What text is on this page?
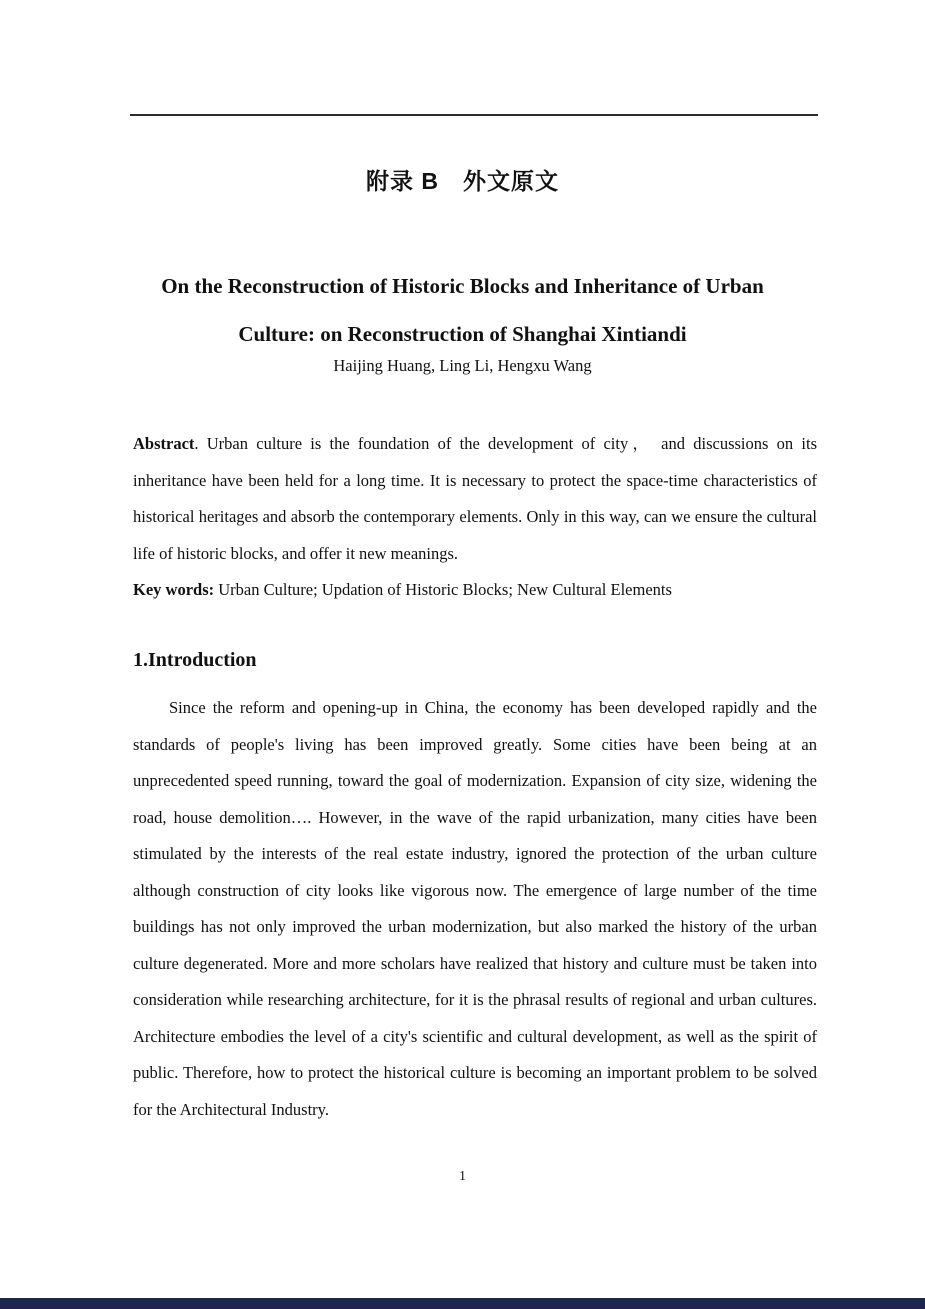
附录 B　外文原文
On the Reconstruction of Historic Blocks and Inheritance of Urban
Culture: on Reconstruction of Shanghai Xintiandi
Haijing Huang, Ling Li, Hengxu Wang

Abstract. Urban culture is the foundation of the development of city， and discussions on its inheritance have been held for a long time. It is necessary to protect the space-time characteristics of historical heritages and absorb the contemporary elements. Only in this way, can we ensure the cultural life of historic blocks, and offer it new meanings.

Key words: Urban Culture; Updation of Historic Blocks; New Cultural Elements

1.Introduction

Since the reform and opening-up in China, the economy has been developed rapidly and the standards of people's living has been improved greatly. Some cities have been being at an unprecedented speed running, toward the goal of modernization. Expansion of city size, widening the road, house demolition…. However, in the wave of the rapid urbanization, many cities have been stimulated by the interests of the real estate industry, ignored the protection of the urban culture although construction of city looks like vigorous now. The emergence of large number of the time buildings has not only improved the urban modernization, but also marked the history of the urban culture degenerated. More and more scholars have realized that history and culture must be taken into consideration while researching architecture, for it is the phrasal results of regional and urban cultures. Architecture embodies the level of a city's scientific and cultural development, as well as the spirit of public. Therefore, how to protect the historical culture is becoming an important problem to be solved for the Architectural Industry.

1
